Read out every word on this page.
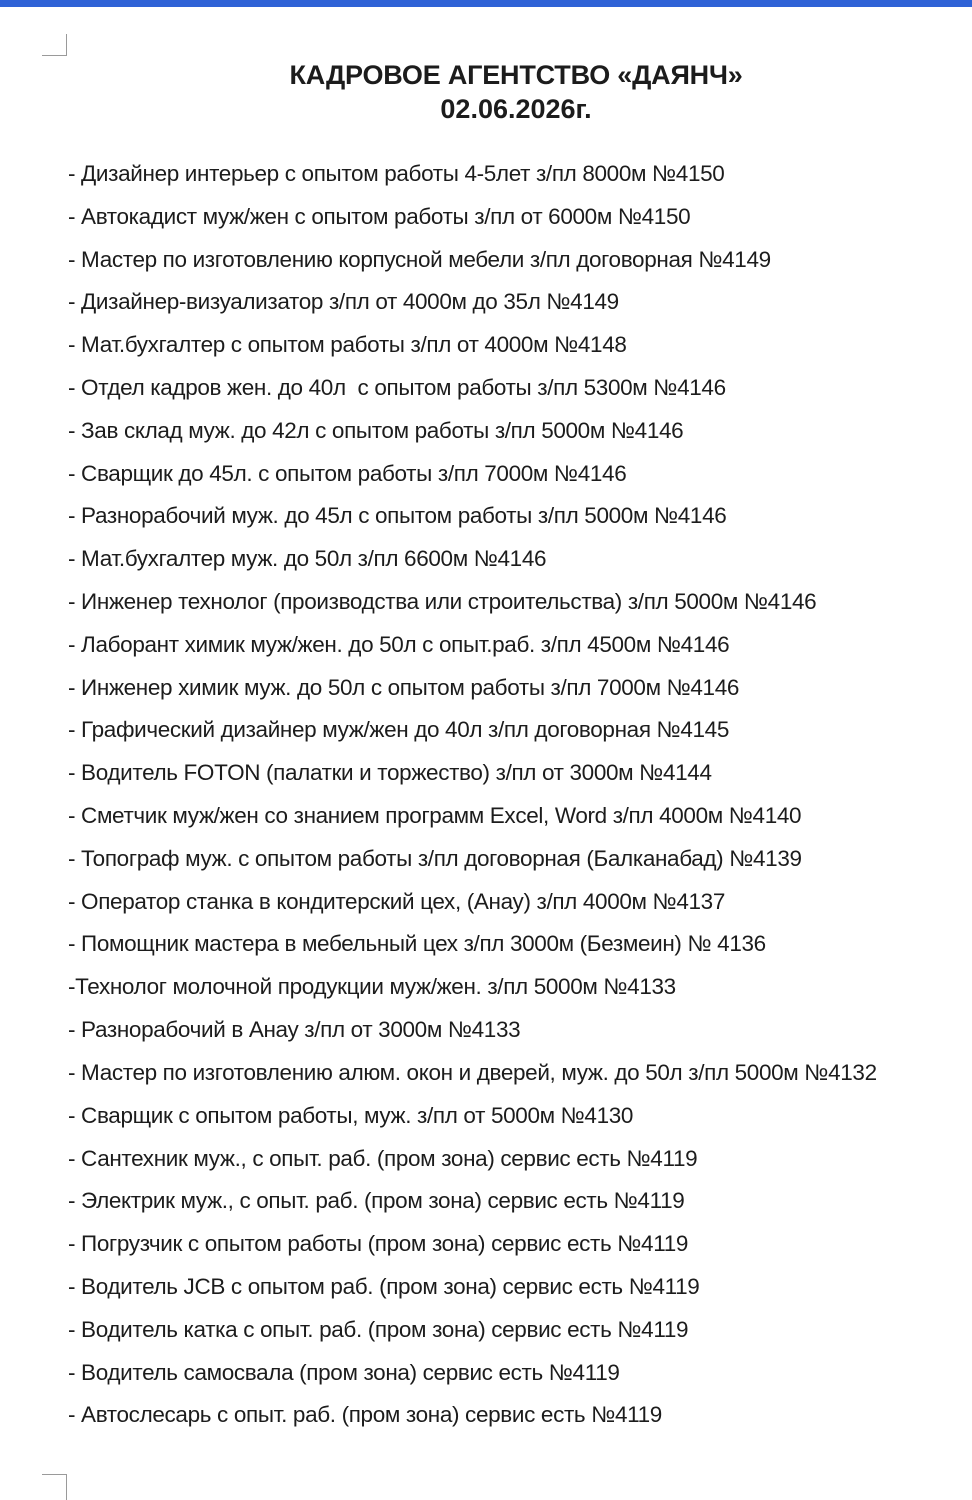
КАДРОВОЕ АГЕНТСТВО «ДАЯНЧ»
02.06.2026г.
- Дизайнер интерьер с опытом работы 4-5лет з/пл 8000м №4150
- Автокадист муж/жен с опытом работы з/пл от 6000м №4150
- Мастер по изготовлению корпусной мебели з/пл договорная №4149
- Дизайнер-визуализатор з/пл от 4000м до 35л №4149
- Мат.бухгалтер с опытом работы з/пл от 4000м №4148
- Отдел кадров жен. до 40л  с опытом работы з/пл 5300м №4146
- Зав склад муж. до 42л с опытом работы з/пл 5000м №4146
- Сварщик до 45л. с опытом работы з/пл 7000м №4146
- Разнорабочий муж. до 45л с опытом работы з/пл 5000м №4146
- Мат.бухгалтер муж. до 50л з/пл 6600м №4146
- Инженер технолог (производства или строительства) з/пл 5000м №4146
- Лаборант химик муж/жен. до 50л с опыт.раб. з/пл 4500м №4146
- Инженер химик муж. до 50л с опытом работы з/пл 7000м №4146
- Графический дизайнер муж/жен до 40л з/пл договорная №4145
- Водитель FOTON (палатки и торжество) з/пл от 3000м №4144
- Сметчик муж/жен со знанием программ Excel, Word з/пл 4000м №4140
- Топограф муж. с опытом работы з/пл договорная (Балканабад) №4139
- Оператор станка в кондитерский цех, (Анау) з/пл 4000м №4137
- Помощник мастера в мебельный цех з/пл 3000м (Безмеин) № 4136
-Технолог молочной продукции муж/жен. з/пл 5000м №4133
- Разнорабочий в Анау з/пл от 3000м №4133
- Мастер по изготовлению алюм. окон и дверей, муж. до 50л з/пл 5000м №4132
- Сварщик с опытом работы, муж. з/пл от 5000м №4130
- Сантехник муж., с опыт. раб. (пром зона) сервис есть №4119
- Электрик муж., с опыт. раб. (пром зона) сервис есть №4119
- Погрузчик с опытом работы (пром зона) сервис есть №4119
- Водитель JCB с опытом раб. (пром зона) сервис есть №4119
- Водитель катка с опыт. раб. (пром зона) сервис есть №4119
- Водитель самосвала (пром зона) сервис есть №4119
- Автослесарь с опыт. раб. (пром зона) сервис есть №4119
